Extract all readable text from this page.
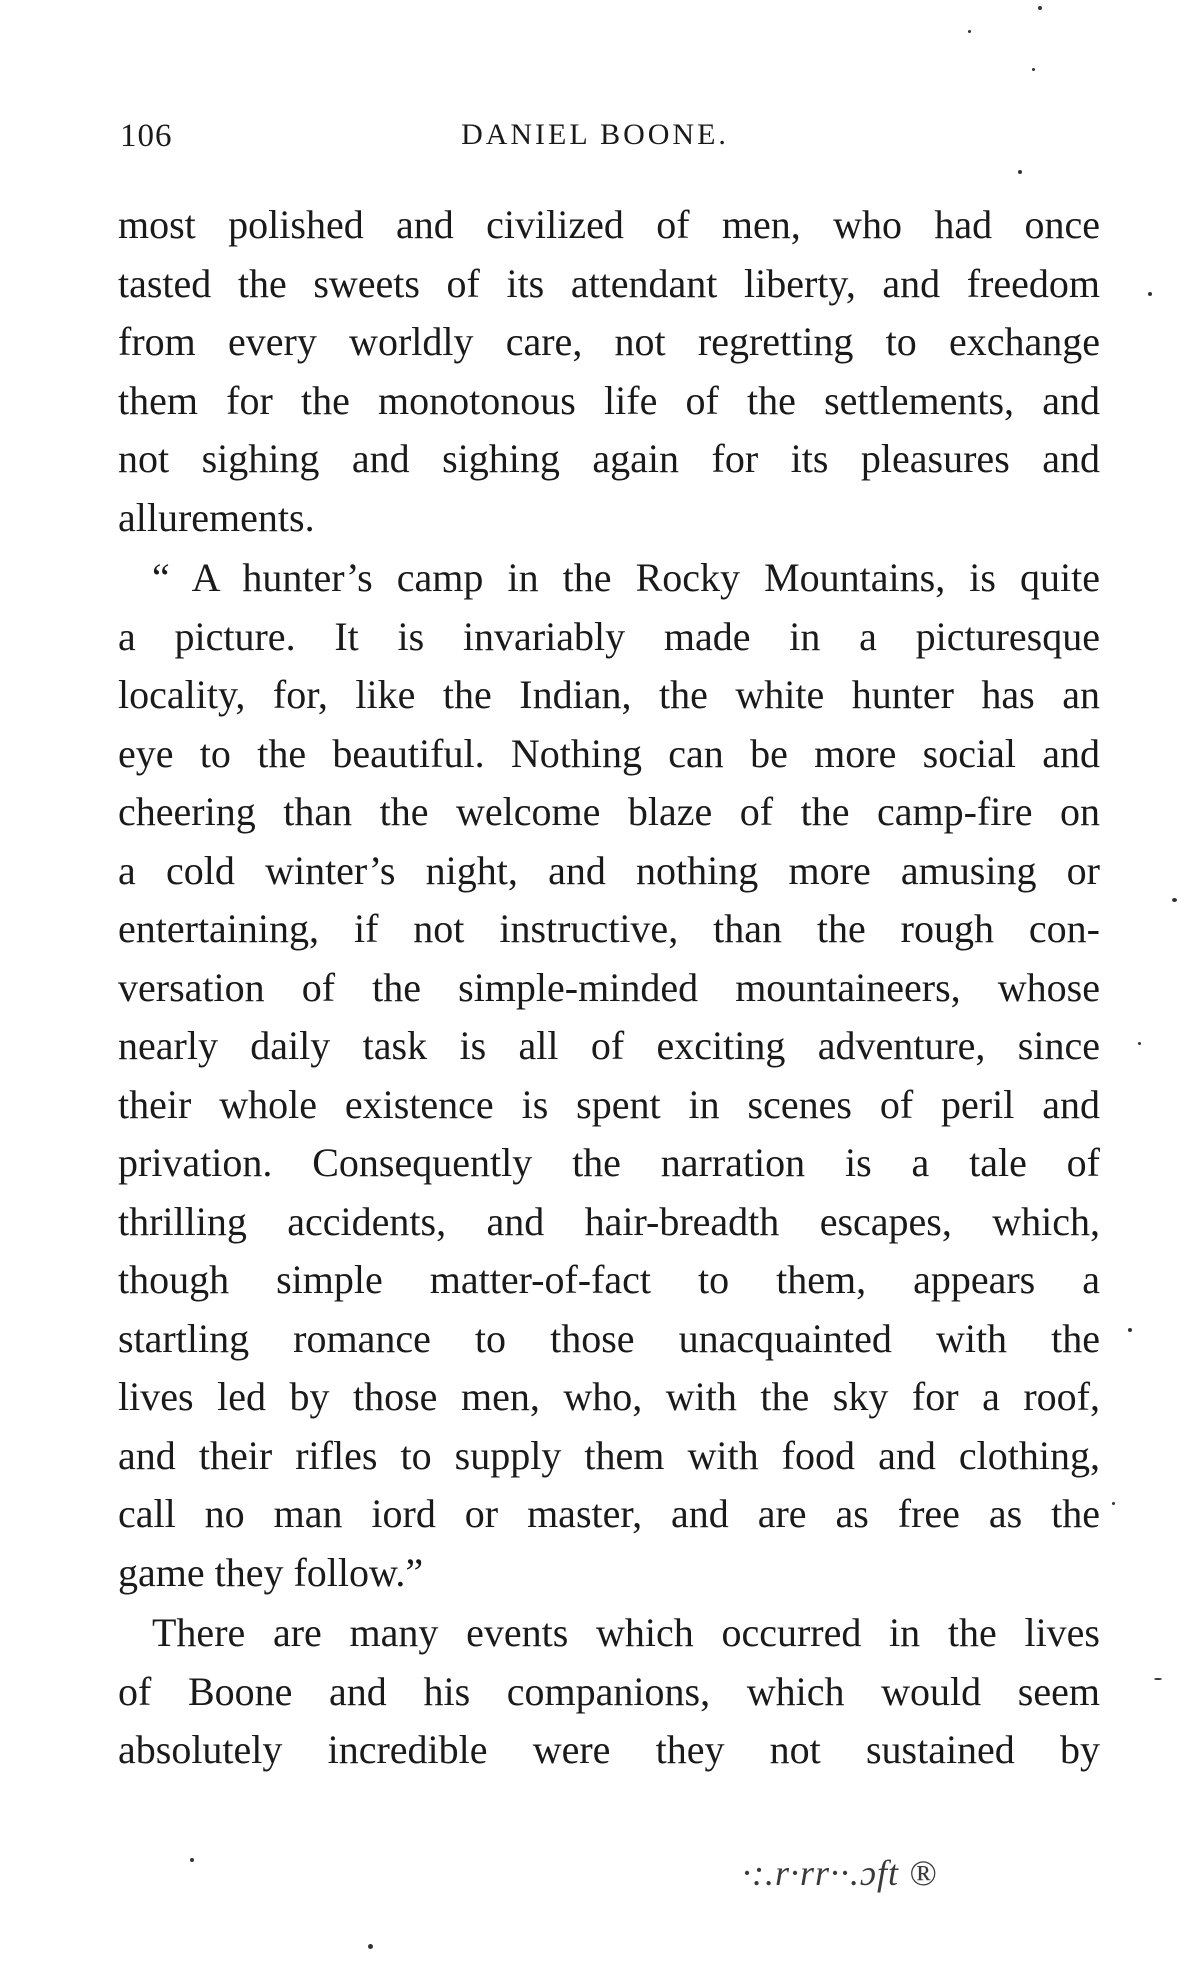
106	DANIEL BOONE.
most polished and civilized of men, who had once
tasted the sweets of its attendant liberty, and freedom
from every worldly care, not regretting to exchange
them for the monotonous life of the settlements, and
not sighing and sighing again for its pleasures and
allurements.
“ A hunter’s camp in the Rocky Mountains, is quite
a picture. It is invariably made in a picturesque
locality, for, like the Indian, the white hunter has an
eye to the beautiful. Nothing can be more social and
cheering than the welcome blaze of the camp-fire on
a cold winter’s night, and nothing more amusing or
entertaining, if not instructive, than the rough con-
versation of the simple-minded mountaineers, whose
nearly daily task is all of exciting adventure, since
their whole existence is spent in scenes of peril and
privation. Consequently the narration is a tale of
thrilling accidents, and hair-breadth escapes, which,
though simple matter-of-fact to them, appears a
startling romance to those unacquainted with the
lives led by those men, who, with the sky for a roof,
and their rifles to supply them with food and clothing,
call no man iord or master, and are as free as the
game they follow.”
There are many events which occurred in the lives
of Boone and his companions, which would seem
absolutely incredible were they not sustained by
·:.r·rr··.ɔft ®
